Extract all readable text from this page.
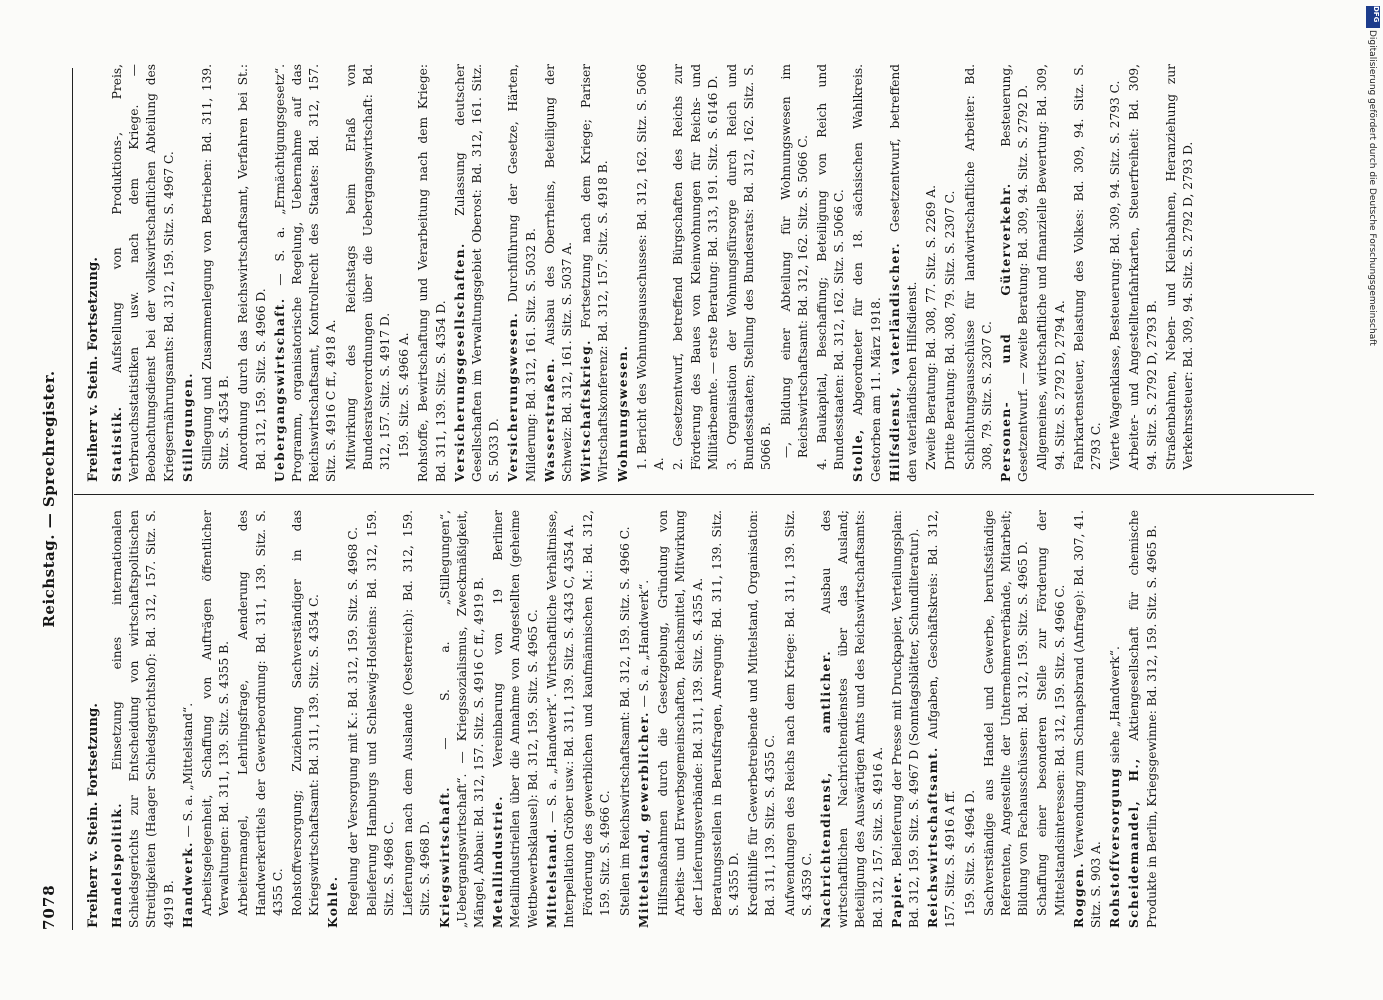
7078
Reichstag. — Sprechregister.
Freiherr v. Stein. Fortsetzung. Handelspolitik. Einsetzung eines internationalen Schiedsgerichts zur Entscheidung von wirtschaftspolitischen Streitigkeiten (Haager Schiedsgerichtshof): Bd. 312, 157. Sitz. S. 4919 B. Handwerk. — S. a. „Mittelstand“. Arbeitsgelegenheit, Schaffung von Aufträgen öffentlicher Verwaltungen: Bd. 311, 139. Sitz. S. 4355 B. Arbeitermangel, Lehrlingsfrage, Aenderung des Handwerkertitels der Gewerbeordnung: Bd. 311, 139. Sitz. S. 4355 C. Rohstoffversorgung; Zuziehung Sachverständiger in das Kriegswirtschaftsamt: Bd. 311, 139. Sitz. S. 4354 C. Kohle. Regelung der Versorgung mit K.: Bd. 312, 159. Sitz. S. 4968 C. Belieferung Hamburgs und Schleswig-Holsteins: Bd. 312, 159. Sitz. S. 4968 C. Lieferungen nach dem Auslande (Oesterreich): Bd. 312, 159. Sitz. S. 4968 D. Kriegswirtschaft. — S. a. „Stillegungen“, „Uebergangswirtschaft“. — Kriegssozialismus, Zweckmäßigkeit, Mängel, Abbau: Bd. 312, 157. Sitz. S. 4916 C ff., 4919 B. Metallindustrie. Vereinbarung von 19 Berliner Metallindustriellen über die Annahme von Angestellten (geheime Wettbewerbsklausel): Bd. 312, 159. Sitz. S. 4965 C. Mittelstand. — S. a. „Handwerk“. Wirtschaftliche Verhältnisse, Interpellation Gröber usw.: Bd. 311, 139. Sitz. S. 4343 C, 4354 A. Förderung des gewerblichen und kaufmännischen M.: Bd. 312, 159. Sitz. S. 4966 C. Stellen im Reichswirtschaftsamt: Bd. 312, 159. Sitz. S. 4966 C. Mittelstand, gewerblicher. — S. a. „Handwerk“. Hilfsmaßnahmen durch die Gesetzgebung, Gründung von Arbeits- und Erwerbsgemeinschaften, Reichsmittel, Mitwirkung der Lieferungsverbände: Bd. 311, 139. Sitz. S. 4355 A. Beratungsstellen in Berufsfragen, Anregung: Bd. 311, 139. Sitz. S. 4355 D. Kredithilfe für Gewerbetreibende und Mittelstand, Organisation: Bd. 311, 139. Sitz. S. 4355 C. Aufwendungen des Reichs nach dem Kriege: Bd. 311, 139. Sitz. S. 4359 C. Nachrichtendienst, amtlicher. Ausbau des wirtschaftlichen Nachrichtendienstes über das Ausland; Beteiligung des Auswärtigen Amts und des Reichswirtschaftsamts: Bd. 312, 157. Sitz. S. 4916 A. Papier. Belieferung der Presse mit Druckpapier, Verteilungsplan: Bd. 312, 159. Sitz. S. 4967 D (Sonntagsblätter, Schundliteratur). Reichswirtschaftsamt. Aufgaben, Geschäftskreis: Bd. 312, 157. Sitz. S. 4916 A ff. 159. Sitz. S. 4964 D. Sachverständige aus Handel und Gewerbe, berufsständige Referenten, Angestellte der Unternehmerverbände, Mitarbeit; Bildung von Fachausschüssen: Bd. 312, 159. Sitz. S. 4965 D. Schaffung einer besonderen Stelle zur Förderung der Mittelstandsinteressen: Bd. 312, 159. Sitz. S. 4966 C. Roggen. Verwendung zum Schnapsbrand (Anfrage): Bd. 307, 41. Sitz. S. 903 A. Rohstoffversorgung siehe „Handwerk“.
Scheidemandel, H., Aktiengesellschaft für chemische Produkte in Berlin, Kriegsgewinne: Bd. 312, 159. Sitz. S. 4965 B.
Freiherr v. Stein. Fortsetzung. Statistik. Aufstellung von Produktions-, Preis, Verbrauchsstatistiken usw. nach dem Kriege. — Beobachtungsdienst bei der volkswirtschaftlichen Abteilung des Kriegsernährungsamts: Bd. 312, 159. Sitz. S. 4967 C. Stillegungen. Stillegung und Zusammenlegung von Betrieben: Bd. 311, 139. Sitz. S. 4354 B. Anordnung durch das Reichswirtschaftsamt, Verfahren bei St.: Bd. 312, 159. Sitz. S. 4966 D. Uebergangswirtschaft. — S. a. „Ermächtigungsgesetz“. Programm, organisatorische Regelung, Uebernahme auf das Reichswirtschaftsamt, Kontrollrecht des Staates: Bd. 312, 157. Sitz. S. 4916 C ff., 4918 A. Mitwirkung des Reichstags beim Erlaß von Bundesratsverordnungen über die Uebergangswirtschaft: Bd. 312, 157. Sitz. S. 4917 D. 159. Sitz. S. 4966 A. Rohstoffe, Bewirtschaftung und Verarbeitung nach dem Kriege: Bd. 311, 139. Sitz. S. 4354 D. Versicherungsgesellschaften. Zulassung deutscher Gesellschaften im Verwaltungsgebiet Oberost: Bd. 312, 161. Sitz. S. 5033 D. Versicherungswesen. Durchführung der Gesetze, Härten, Milderung: Bd. 312, 161. Sitz. S. 5032 B. Wasserstraßen. Ausbau des Oberrheins, Beteiligung der Schweiz: Bd. 312, 161. Sitz. S. 5037 A. Wirtschaftskrieg. Fortsetzung nach dem Kriege; Pariser Wirtschaftskonferenz: Bd. 312, 157. Sitz. S. 4918 B. Wohnungswesen. 1. Bericht des Wohnungsausschusses: Bd. 312, 162. Sitz. S. 5066 A. 2. Gesetzentwurf, betreffend Bürgschaften des Reichs zur Förderung des Baues von Kleinwohnungen für Reichs- und Militärbeamte. — erste Beratung: Bd. 313, 191. Sitz. S. 6146 D. 3. Organisation der Wohnungsfürsorge durch Reich und Bundesstaaten; Stellung des Bundesrats: Bd. 312, 162. Sitz. S. 5066 B. —, Bildung einer Abteilung für Wohnungswesen im Reichswirtschaftsamt: Bd. 312, 162. Sitz. S. 5066 C. 4. Baukapital, Beschaffung; Beteiligung von Reich und Bundesstaaten: Bd. 312, 162. Sitz. S. 5066 C. Stolle, Abgeordneter für den 18. sächsischen Wahlkreis. Gestorben am 11. März 1918. Hilfsdienst, vaterländischer. Gesetzentwurf, betreffend den vaterländischen Hilfsdienst. Zweite Beratung: Bd. 308, 77. Sitz. S. 2269 A. Dritte Beratung: Bd. 308, 79. Sitz. S. 2307 C. Schlichtungsausschüsse für landwirtschaftliche Arbeiter: Bd. 308, 79. Sitz. S. 2307 C. Personen- und Güterverkehr. Besteuerung, Gesetzentwurf. — zweite Beratung: Bd. 309, 94. Sitz. S. 2792 D. Allgemeines, wirtschaftliche und finanzielle Bewertung: Bd. 309, 94. Sitz. S. 2792 D, 2794 A. Fahrkartensteuer, Belastung des Volkes: Bd. 309, 94. Sitz. S. 2793 C. Vierte Wagenklasse, Besteuerung: Bd. 309, 94. Sitz. S. 2793 C. Arbeiter- und Angestelltenfahrkarten, Steuerfreiheit: Bd. 309, 94. Sitz. S. 2792 D, 2793 B. Straßenbahnen, Neben- und Kleinbahnen, Heranziehung zur Verkehrssteuer: Bd. 309, 94. Sitz. S. 2792 D, 2793 D.	Digitalisierung gefördert durch die Deutsche Forschungsgemeinschaft
DFG
